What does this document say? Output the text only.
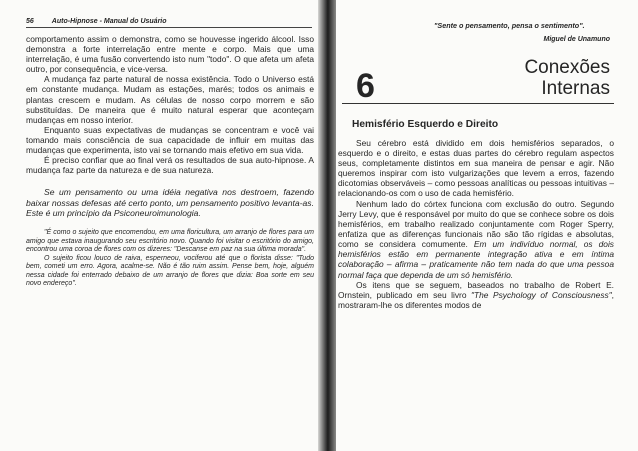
56	Auto-Hipnose - Manual do Usuário

comportamento assim o demonstra, como se houvesse ingerido álcool. Isso demonstra a forte interrelação entre mente e corpo. Mais que uma interrelação, é uma fusão convertendo isto num "todo". O que afeta um afeta outro, por consequência, e vice-versa.

A mudança faz parte natural de nossa existência. Todo o Universo está em constante mudança. Mudam as estações, marés; todos os animais e plantas crescem e mudam. As células de nosso corpo morrem e são substituídas. De maneira que é muito natural esperar que aconteçam mudanças em nosso interior.

Enquanto suas expectativas de mudanças se concentram e você vai tomando mais consciência de sua capacidade de influir em muitas das mudanças que experimenta, isto vai se tornando mais efetivo em sua vida.

É preciso confiar que ao final verá os resultados de sua auto-hipnose. A mudança faz parte da natureza e de sua natureza.

Se um pensamento ou uma idéia negativa nos destroem, fazendo baixar nossas defesas até certo ponto, um pensamento positivo levanta-as. Este é um princípio da Psiconeuroimunologia.

"É como o sujeito que encomendou, em uma floricultura, um arranjo de flores para um amigo que estava inaugurando seu escritório novo. Quando foi visitar o escritório do amigo, encontrou uma coroa de flores com os dizeres: "Descanse em paz na sua última morada".

O sujeito ficou louco de raiva, esperneou, vociferou até que o florista disse: "Tudo bem, cometi um erro. Agora, acalme-se. Não é tão ruim assim. Pense bem, hoje, alguém nessa cidade foi enterrado debaixo de um arranjo de flores que dizia: Boa sorte em seu novo endereço".

"Sente o pensamento, pensa o sentimento".
Miguel de Unamuno
6	Conexões
Internas
Hemisfério Esquerdo e Direito

Seu cérebro está dividido em dois hemisférios separados, o esquerdo e o direito, e estas duas partes do cérebro regulam aspectos seus, completamente distintos em sua maneira de pensar e agir. Não queremos inspirar com isto vulgarizações que levem a erros, fazendo dicotomias observáveis – como pessoas analíticas ou pessoas intuitivas – relacionando-os com o uso de cada hemisfério.

Nenhum lado do córtex funciona com exclusão do outro. Segundo Jerry Levy, que é responsável por muito do que se conhece sobre os dois hemisférios, em trabalho realizado conjuntamente com Roger Sperry, enfatiza que as diferenças funcionais não são tão rígidas e absolutas, como se considera comumente. Em um indivíduo normal, os dois hemisférios estão em permanente integração ativa e em íntima colaboração – afirma – praticamente não tem nada do que uma pessoa normal faça que dependa de um só hemisfério.

Os itens que se seguem, baseados no trabalho de Robert E. Ornstein, publicado em seu livro "The Psychology of Consciousness", mostraram-lhe os diferentes modos de
